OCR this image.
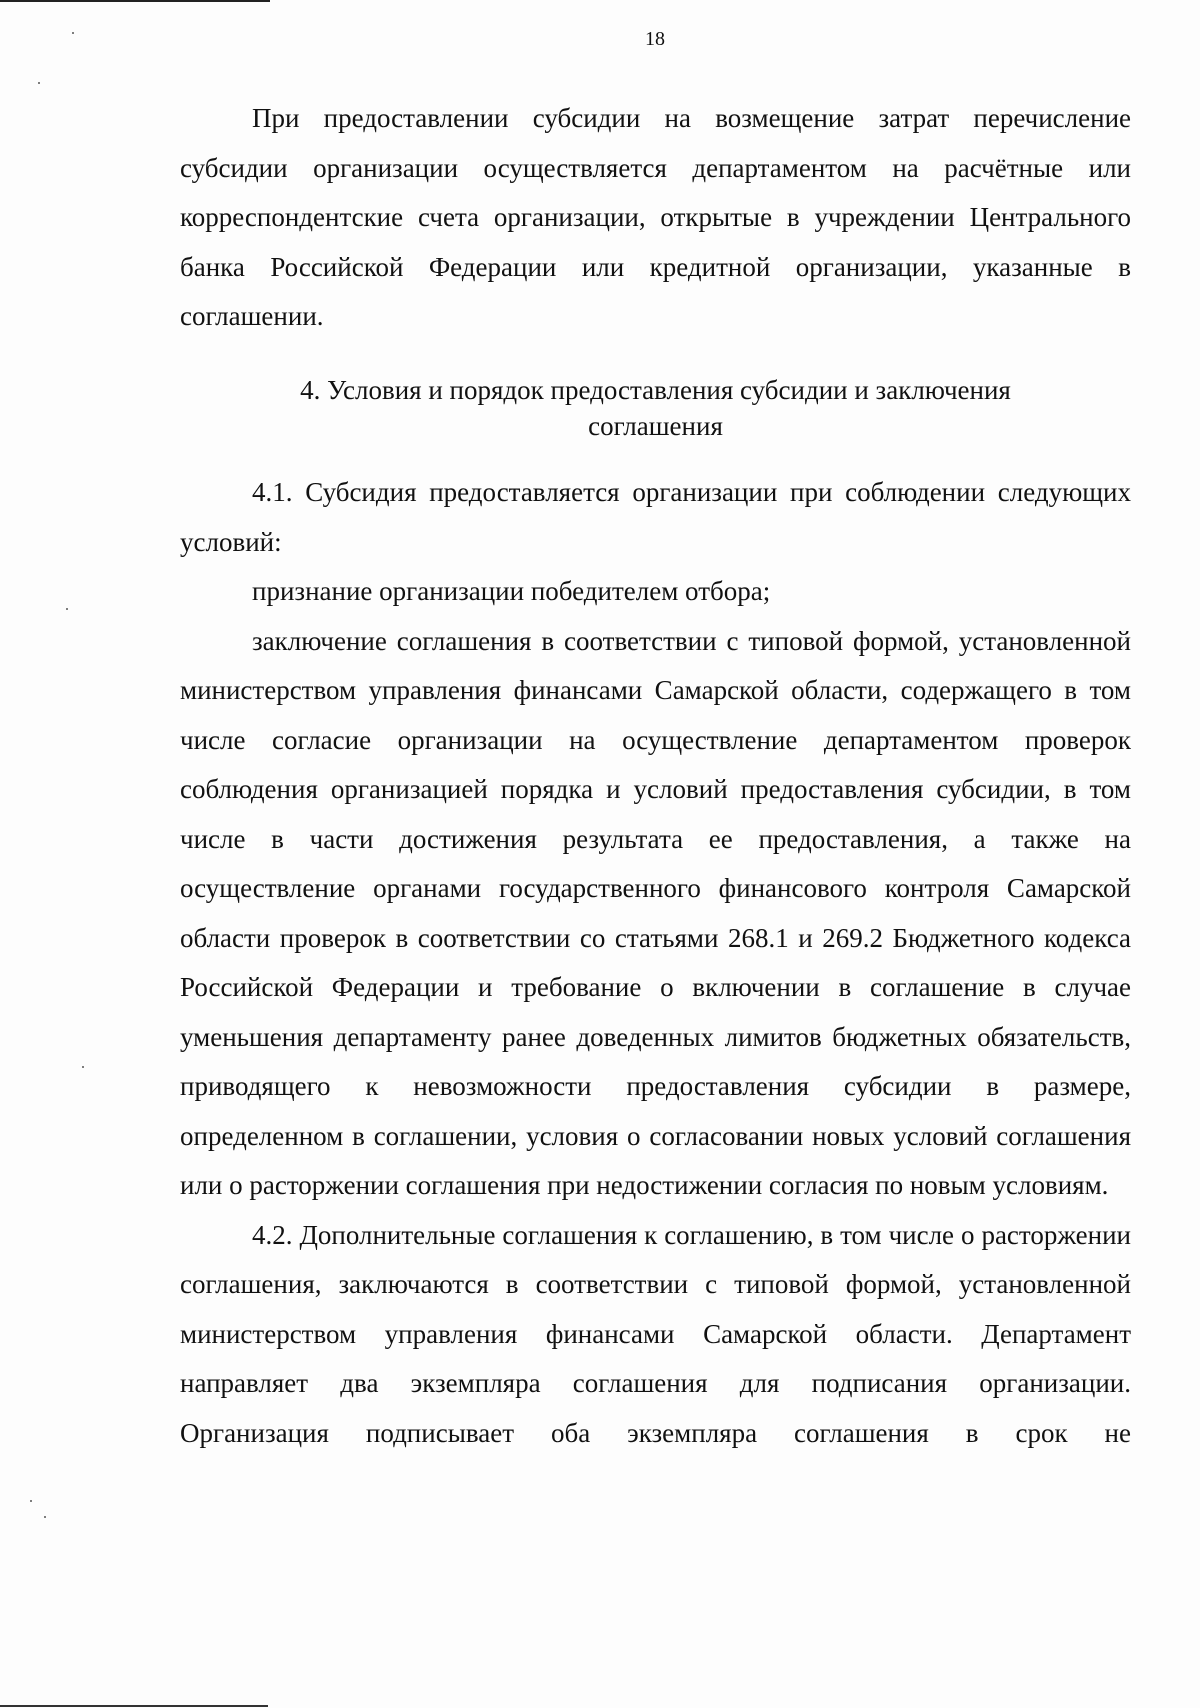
18

При предоставлении субсидии на возмещение затрат перечисление субсидии организации осуществляется департаментом на расчётные или корреспондентские счета организации, открытые в учреждении Центрального банка Российской Федерации или кредитной организации, указанные в соглашении.

4. Условия и порядок предоставления субсидии и заключения
соглашения

4.1. Субсидия предоставляется организации при соблюдении следующих условий:

признание организации победителем отбора;

заключение соглашения в соответствии с типовой формой, установленной министерством управления финансами Самарской области, содержащего в том числе согласие организации на осуществление департаментом проверок соблюдения организацией порядка и условий предоставления субсидии, в том числе в части достижения результата ее предоставления, а также на осуществление органами государственного финансового контроля Самарской области проверок в соответствии со статьями 268.1 и 269.2 Бюджетного кодекса Российской Федерации и требование о включении в соглашение в случае уменьшения департаменту ранее доведенных лимитов бюджетных обязательств, приводящего к невозможности предоставления субсидии в размере, определенном в соглашении, условия о согласовании новых условий соглашения или о расторжении соглашения при недостижении согласия по новым условиям.

4.2. Дополнительные соглашения к соглашению, в том числе о расторжении соглашения, заключаются в соответствии с типовой формой, установленной министерством управления финансами Самарской области. Департамент направляет два экземпляра соглашения для подписания организации. Организация подписывает оба экземпляра соглашения в срок не
